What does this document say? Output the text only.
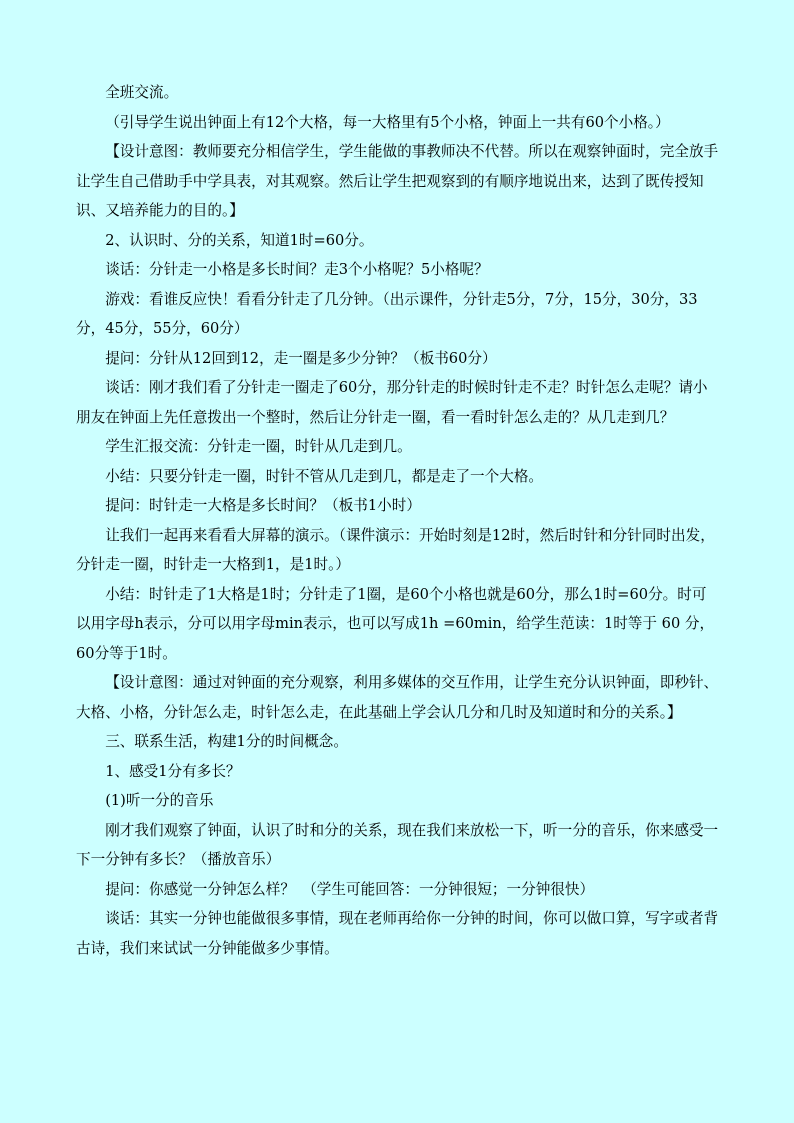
全班交流。

（引导学生说出钟面上有12个大格，每一大格里有5个小格，钟面上一共有60个小格。）

【设计意图：教师要充分相信学生，学生能做的事教师决不代替。所以在观察钟面时，完全放手让学生自己借助手中学具表，对其观察。然后让学生把观察到的有顺序地说出来，达到了既传授知识、又培养能力的目的。】

2、认识时、分的关系，知道1时=60分。

谈话：分针走一小格是多长时间？走3个小格呢？5小格呢？

游戏：看谁反应快！看看分针走了几分钟。（出示课件，分针走5分，7分，15分，30分，33分，45分，55分，60分）

提问：分针从12回到12，走一圈是多少分钟？（板书60分）

谈话：刚才我们看了分针走一圈走了60分，那分针走的时候时针走不走？时针怎么走呢？请小朋友在钟面上先任意拨出一个整时，然后让分针走一圈，看一看时针怎么走的？从几走到几？

学生汇报交流：分针走一圈，时针从几走到几。

小结：只要分针走一圈，时针不管从几走到几，都是走了一个大格。

提问：时针走一大格是多长时间？（板书1小时）

让我们一起再来看看大屏幕的演示。（课件演示：开始时刻是12时，然后时针和分针同时出发，分针走一圈，时针走一大格到1，是1时。）

小结：时针走了1大格是1时；分针走了1圈，是60个小格也就是60分，那么1时=60分。时可以用字母h表示，分可以用字母min表示，也可以写成1h =60min，给学生范读：1时等于 60 分，60分等于1时。

【设计意图：通过对钟面的充分观察，利用多媒体的交互作用，让学生充分认识钟面，即秒针、大格、小格，分针怎么走，时针怎么走，在此基础上学会认几分和几时及知道时和分的关系。】

三、联系生活，构建1分的时间概念。

1、感受1分有多长？

(1)听一分的音乐

刚才我们观察了钟面，认识了时和分的关系，现在我们来放松一下，听一分的音乐，你来感受一下一分钟有多长？（播放音乐）

提问：你感觉一分钟怎么样？　（学生可能回答：一分钟很短；一分钟很快）

谈话：其实一分钟也能做很多事情，现在老师再给你一分钟的时间，你可以做口算，写字或者背古诗，我们来试试一分钟能做多少事情。
